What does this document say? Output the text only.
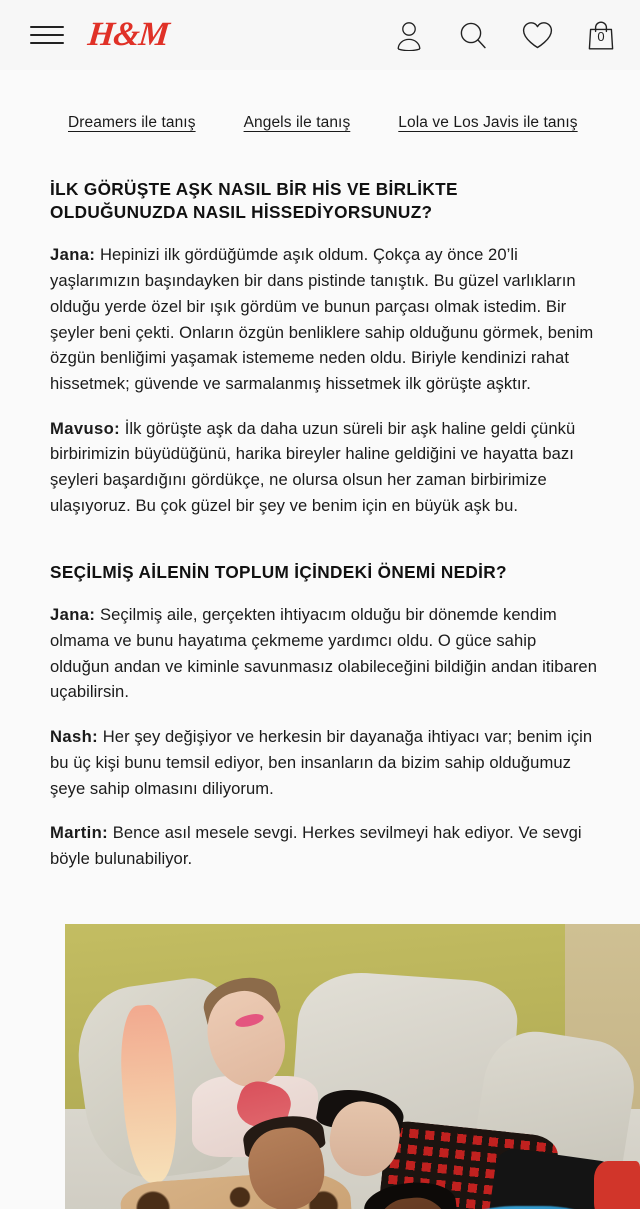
H&M	0
Dreamers ile tanış	Angels ile tanış	Lola ve Los Javis ile tanış
İLK GÖRÜŞTE AŞK NASIL BİR HİS VE BİRLİKTE OLDUĞUNUZDA NASIL HİSSEDİYORSUNUZ?

Jana: Hepinizi ilk gördüğümde aşık oldum. Çokça ay önce 20’li yaşlarımızın başındayken bir dans pistinde tanıştık. Bu güzel varlıkların olduğu yerde özel bir ışık gördüm ve bunun parçası olmak istedim. Bir şeyler beni çekti. Onların özgün benliklere sahip olduğunu görmek, benim özgün benliğimi yaşamak istememe neden oldu. Biriyle kendinizi rahat hissetmek; güvende ve sarmalanmış hissetmek ilk görüşte aşktır.

Mavuso: İlk görüşte aşk da daha uzun süreli bir aşk haline geldi çünkü birbirimizin büyüdüğünü, harika bireyler haline geldiğini ve hayatta bazı şeyleri başardığını gördükçe, ne olursa olsun her zaman birbirimize ulaşıyoruz. Bu çok güzel bir şey ve benim için en büyük aşk bu.

SEÇİLMİŞ AİLENİN TOPLUM İÇİNDEKİ ÖNEMİ NEDİR?

Jana: Seçilmiş aile, gerçekten ihtiyacım olduğu bir dönemde kendim olmama ve bunu hayatıma çekmeme yardımcı oldu. O güce sahip olduğun andan ve kiminle savunmasız olabileceğini bildiğin andan itibaren uçabilirsin.

Nash: Her şey değişiyor ve herkesin bir dayanağa ihtiyacı var; benim için bu üç kişi bunu temsil ediyor, ben insanların da bizim sahip olduğumuz şeye sahip olmasını diliyorum.

Martin: Bence asıl mesele sevgi. Herkes sevilmeyi hak ediyor. Ve sevgi böyle bulunabiliyor.
